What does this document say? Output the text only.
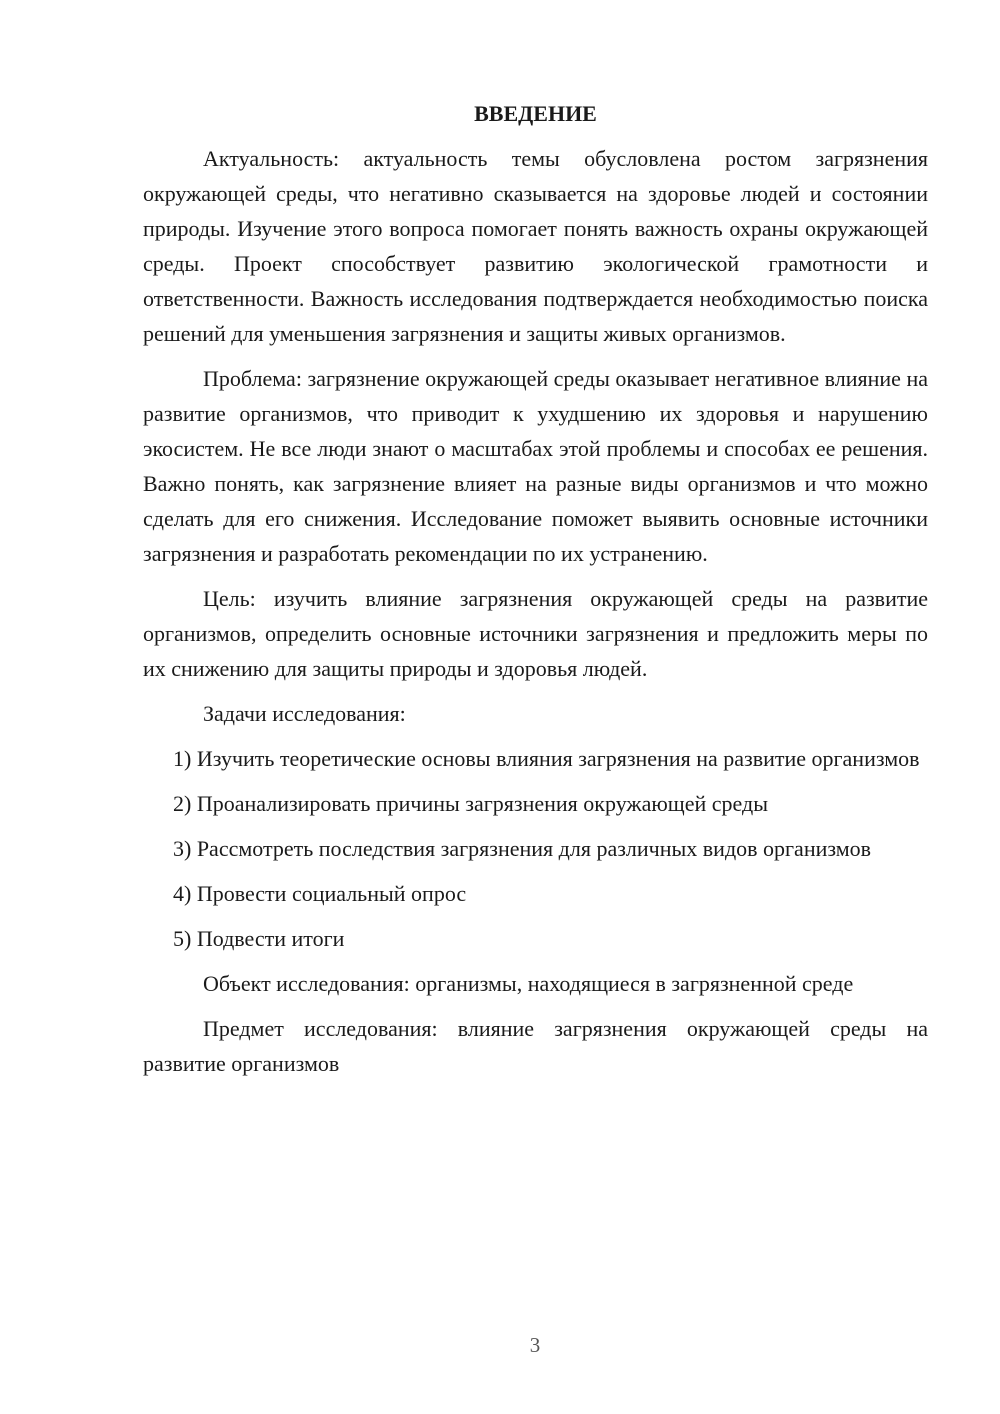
ВВЕДЕНИЕ

Актуальность: актуальность темы обусловлена ростом загрязнения окружающей среды, что негативно сказывается на здоровье людей и состоянии природы. Изучение этого вопроса помогает понять важность охраны окружающей среды. Проект способствует развитию экологической грамотности и ответственности. Важность исследования подтверждается необходимостью поиска решений для уменьшения загрязнения и защиты живых организмов.

Проблема: загрязнение окружающей среды оказывает негативное влияние на развитие организмов, что приводит к ухудшению их здоровья и нарушению экосистем. Не все люди знают о масштабах этой проблемы и способах ее решения. Важно понять, как загрязнение влияет на разные виды организмов и что можно сделать для его снижения. Исследование поможет выявить основные источники загрязнения и разработать рекомендации по их устранению.

Цель: изучить влияние загрязнения окружающей среды на развитие организмов, определить основные источники загрязнения и предложить меры по их снижению для защиты природы и здоровья людей.

Задачи исследования:

1) Изучить теоретические основы влияния загрязнения на развитие организмов

2) Проанализировать причины загрязнения окружающей среды

3) Рассмотреть последствия загрязнения для различных видов организмов

4) Провести социальный опрос

5) Подвести итоги

Объект исследования: организмы, находящиеся в загрязненной среде

Предмет исследования: влияние загрязнения окружающей среды на развитие организмов

3
